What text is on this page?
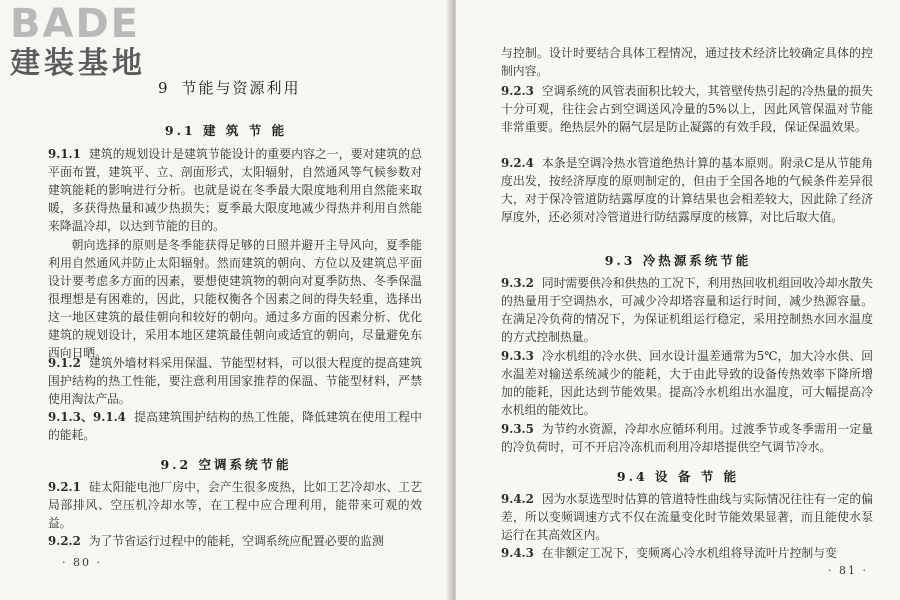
BADE
建装基地
9 节能与资源利用
9.1 建 筑 节 能
9.1.1 建筑的规划设计是建筑节能设计的重要内容之一，要对建筑的总平面布置，建筑平、立、剖面形式，太阳辐射，自然通风等气候参数对建筑能耗的影响进行分析。也就是说在冬季最大限度地利用自然能来取暖，多获得热量和减少热损失；夏季最大限度地减少得热并利用自然能来降温冷却，以达到节能的目的。
朝向选择的原则是冬季能获得足够的日照并避开主导风向，夏季能利用自然通风并防止太阳辐射。然而建筑的朝向、方位以及建筑总平面设计要考虑多方面的因素，要想使建筑物的朝向对夏季防热、冬季保温很理想是有困难的，因此，只能权衡各个因素之间的得失轻重，选择出这一地区建筑的最佳朝向和较好的朝向。通过多方面的因素分析、优化建筑的规划设计，采用本地区建筑最佳朝向或适宜的朝向，尽量避免东西向日晒。
9.1.2 建筑外墙材料采用保温、节能型材料，可以很大程度的提高建筑围护结构的热工性能，要注意利用国家推荐的保温、节能型材料，严禁使用淘汰产品。
9.1.3、9.1.4 提高建筑围护结构的热工性能，降低建筑在使用工程中的能耗。
9.2 空调系统节能
9.2.1 硅太阳能电池厂房中，会产生很多废热，比如工艺冷却水、工艺局部排风、空压机冷却水等，在工程中应合理利用，能带来可观的效益。
9.2.2 为了节省运行过程中的能耗，空调系统应配置必要的监测
· 80 ·
与控制。设计时要结合具体工程情况，通过技术经济比较确定具体的控制内容。
9.2.3 空调系统的风管表面积比较大，其管壁传热引起的冷热量的损失十分可观，往往会占到空调送风冷量的5%以上，因此风管保温对节能非常重要。绝热层外的隔气层是防止凝露的有效手段，保证保温效果。
9.2.4 本条是空调冷热水管道绝热计算的基本原则。附录C是从节能角度出发，按经济厚度的原则制定的，但由于全国各地的气候条件差异很大，对于保冷管道防结露厚度的计算结果也会相差较大，因此除了经济厚度外，还必须对冷管道进行防结露厚度的核算，对比后取大值。
9.3 冷热源系统节能
9.3.2 同时需要供冷和供热的工况下，利用热回收机组回收冷却水散失的热量用于空调热水，可减少冷却塔容量和运行时间，减少热源容量。在满足冷负荷的情况下，为保证机组运行稳定，采用控制热水回水温度的方式控制热量。
9.3.3 冷水机组的冷水供、回水设计温差通常为5℃，加大冷水供、回水温差对输送系统减少的能耗，大于由此导致的设备传热效率下降所增加的能耗，因此达到节能效果。提高冷水机组出水温度，可大幅提高冷水机组的能效比。
9.3.5 为节约水资源，冷却水应循环利用。过渡季节或冬季需用一定量的冷负荷时，可不开启冷冻机而利用冷却塔提供空气调节冷水。
9.4 设 备 节 能
9.4.2 因为水泵选型时估算的管道特性曲线与实际情况往往有一定的偏差，所以变频调速方式不仅在流量变化时节能效果显著，而且能使水泵运行在其高效区内。
9.4.3 在非额定工况下，变频离心冷水机组将导流叶片控制与变
· 81 ·
